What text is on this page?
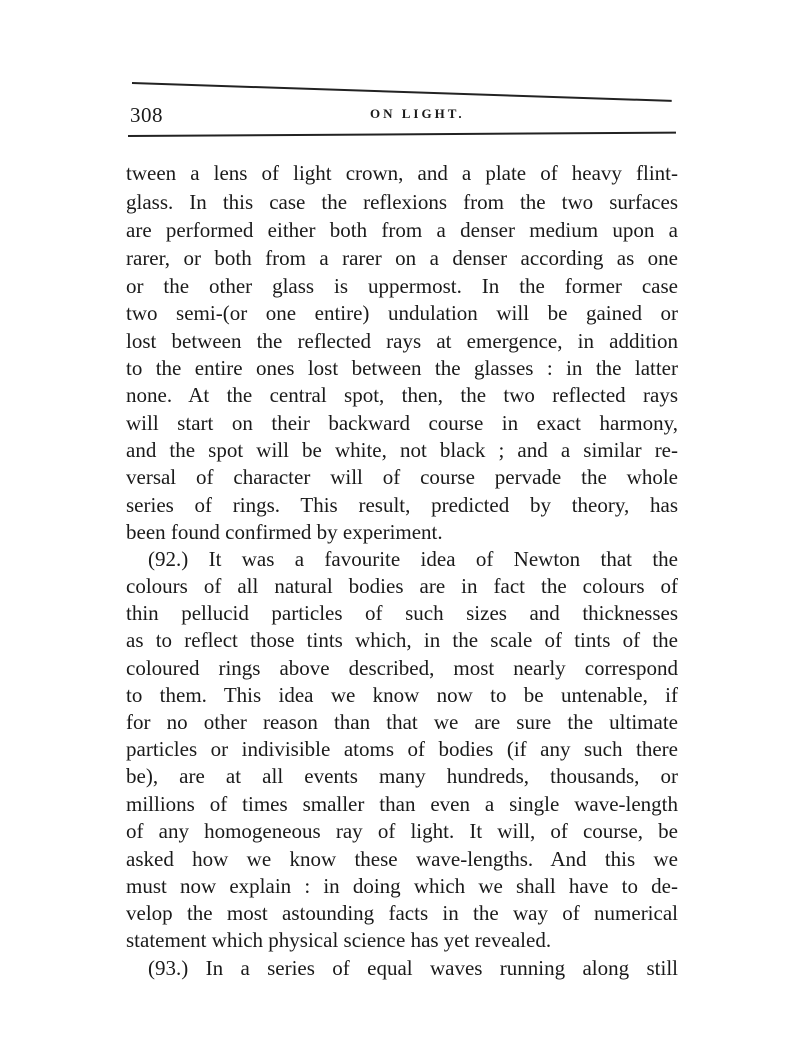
308	ON LIGHT.
tween a lens of light crown, and a plate of heavy flint-
glass. In this case the reflexions from the two surfaces
are performed either both from a denser medium upon a
rarer, or both from a rarer on a denser according as one
or the other glass is uppermost. In the former case
two semi-(or one entire) undulation will be gained or
lost between the reflected rays at emergence, in addition
to the entire ones lost between the glasses : in the latter
none. At the central spot, then, the two reflected rays
will start on their backward course in exact harmony,
and the spot will be white, not black ; and a similar re-
versal of character will of course pervade the whole
series of rings. This result, predicted by theory, has
been found confirmed by experiment.
(92.) It was a favourite idea of Newton that the
colours of all natural bodies are in fact the colours of
thin pellucid particles of such sizes and thicknesses
as to reflect those tints which, in the scale of tints of the
coloured rings above described, most nearly correspond
to them. This idea we know now to be untenable, if
for no other reason than that we are sure the ultimate
particles or indivisible atoms of bodies (if any such there
be), are at all events many hundreds, thousands, or
millions of times smaller than even a single wave-length
of any homogeneous ray of light. It will, of course, be
asked how we know these wave-lengths. And this we
must now explain : in doing which we shall have to de-
velop the most astounding facts in the way of numerical
statement which physical science has yet revealed.
(93.) In a series of equal waves running along still
